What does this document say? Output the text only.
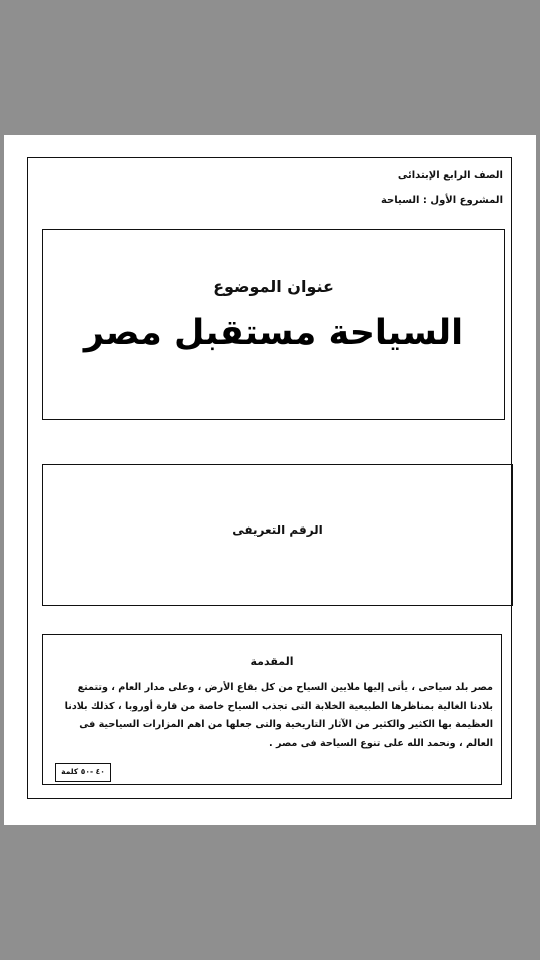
الصف الرابع الإبتدائى
المشروع الأول : السياحة
عنوان الموضوع
السياحة مستقبل مصر
الرقم التعريفى
المقدمة
مصر بلد سياحى ، يأتى إليها ملايين السياح من كل بقاع الأرض ، وعلى مدار العام ، وتتمتع بلادنا الغالية بمناظرها الطبيعية الخلابة التى تجذب السياح خاصة من قارة أوروبا ، كذلك بلادنا العظيمة بها الكثير والكثير من الآثار التاريخية والتى جعلها من اهم المزارات السياحية فى العالم ، ونحمد الله على تنوع السياحة فى مصر .
٤٠ -٥٠ كلمة
